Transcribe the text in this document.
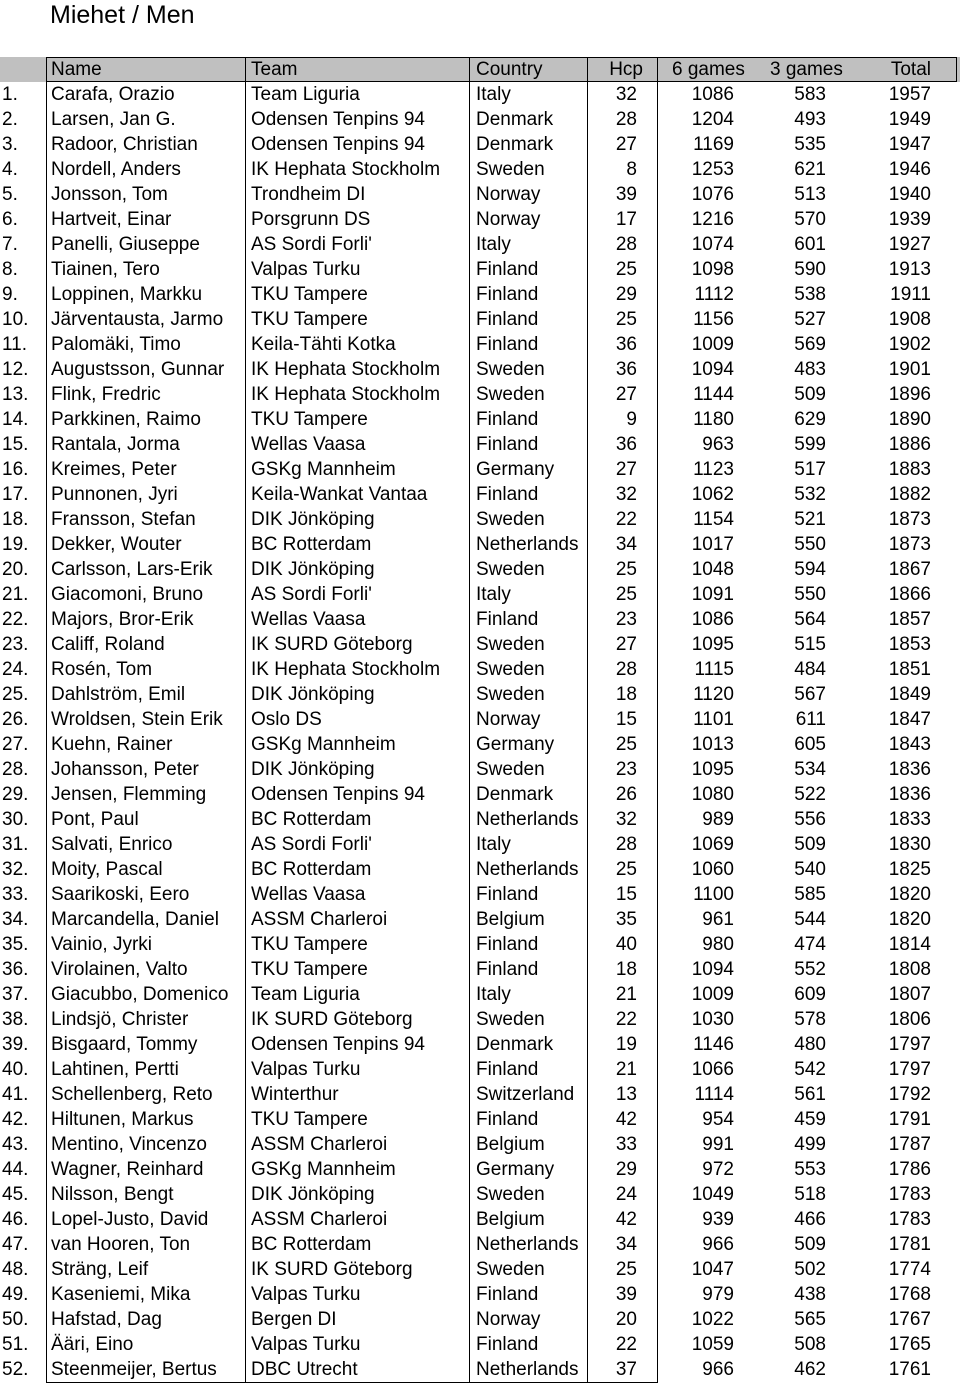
Miehet / Men
Name	Team	Country	Hcp	6 games	3 games	Total
1.	Carafa, Orazio	Team Liguria	Italy	32	1086	583	1957
2.	Larsen, Jan G.	Odensen Tenpins 94	Denmark	28	1204	493	1949
3.	Radoor, Christian	Odensen Tenpins 94	Denmark	27	1169	535	1947
4.	Nordell, Anders	IK Hephata Stockholm	Sweden	8	1253	621	1946
5.	Jonsson, Tom	Trondheim DI	Norway	39	1076	513	1940
6.	Hartveit, Einar	Porsgrunn DS	Norway	17	1216	570	1939
7.	Panelli, Giuseppe	AS Sordi Forli'	Italy	28	1074	601	1927
8.	Tiainen, Tero	Valpas Turku	Finland	25	1098	590	1913
9.	Loppinen, Markku	TKU Tampere	Finland	29	1112	538	1911
10.	Järventausta, Jarmo	TKU Tampere	Finland	25	1156	527	1908
11.	Palomäki, Timo	Keila-Tähti Kotka	Finland	36	1009	569	1902
12.	Augustsson, Gunnar	IK Hephata Stockholm	Sweden	36	1094	483	1901
13.	Flink, Fredric	IK Hephata Stockholm	Sweden	27	1144	509	1896
14.	Parkkinen, Raimo	TKU Tampere	Finland	9	1180	629	1890
15.	Rantala, Jorma	Wellas Vaasa	Finland	36	963	599	1886
16.	Kreimes, Peter	GSKg Mannheim	Germany	27	1123	517	1883
17.	Punnonen, Jyri	Keila-Wankat Vantaa	Finland	32	1062	532	1882
18.	Fransson, Stefan	DIK Jönköping	Sweden	22	1154	521	1873
19.	Dekker, Wouter	BC Rotterdam	Netherlands	34	1017	550	1873
20.	Carlsson, Lars-Erik	DIK Jönköping	Sweden	25	1048	594	1867
21.	Giacomoni, Bruno	AS Sordi Forli'	Italy	25	1091	550	1866
22.	Majors, Bror-Erik	Wellas Vaasa	Finland	23	1086	564	1857
23.	Califf, Roland	IK SURD Göteborg	Sweden	27	1095	515	1853
24.	Rosén, Tom	IK Hephata Stockholm	Sweden	28	1115	484	1851
25.	Dahlström, Emil	DIK Jönköping	Sweden	18	1120	567	1849
26.	Wroldsen, Stein Erik	Oslo DS	Norway	15	1101	611	1847
27.	Kuehn, Rainer	GSKg Mannheim	Germany	25	1013	605	1843
28.	Johansson, Peter	DIK Jönköping	Sweden	23	1095	534	1836
29.	Jensen, Flemming	Odensen Tenpins 94	Denmark	26	1080	522	1836
30.	Pont, Paul	BC Rotterdam	Netherlands	32	989	556	1833
31.	Salvati, Enrico	AS Sordi Forli'	Italy	28	1069	509	1830
32.	Moity, Pascal	BC Rotterdam	Netherlands	25	1060	540	1825
33.	Saarikoski, Eero	Wellas Vaasa	Finland	15	1100	585	1820
34.	Marcandella, Daniel	ASSM Charleroi	Belgium	35	961	544	1820
35.	Vainio, Jyrki	TKU Tampere	Finland	40	980	474	1814
36.	Virolainen, Valto	TKU Tampere	Finland	18	1094	552	1808
37.	Giacubbo, Domenico	Team Liguria	Italy	21	1009	609	1807
38.	Lindsjö, Christer	IK SURD Göteborg	Sweden	22	1030	578	1806
39.	Bisgaard, Tommy	Odensen Tenpins 94	Denmark	19	1146	480	1797
40.	Lahtinen, Pertti	Valpas Turku	Finland	21	1066	542	1797
41.	Schellenberg, Reto	Winterthur	Switzerland	13	1114	561	1792
42.	Hiltunen, Markus	TKU Tampere	Finland	42	954	459	1791
43.	Mentino, Vincenzo	ASSM Charleroi	Belgium	33	991	499	1787
44.	Wagner, Reinhard	GSKg Mannheim	Germany	29	972	553	1786
45.	Nilsson, Bengt	DIK Jönköping	Sweden	24	1049	518	1783
46.	Lopel-Justo, David	ASSM Charleroi	Belgium	42	939	466	1783
47.	van Hooren, Ton	BC Rotterdam	Netherlands	34	966	509	1781
48.	Sträng, Leif	IK SURD Göteborg	Sweden	25	1047	502	1774
49.	Kaseniemi, Mika	Valpas Turku	Finland	39	979	438	1768
50.	Hafstad, Dag	Bergen DI	Norway	20	1022	565	1767
51.	Ääri, Eino	Valpas Turku	Finland	22	1059	508	1765
52.	Steenmeijer, Bertus	DBC Utrecht	Netherlands	37	966	462	1761
